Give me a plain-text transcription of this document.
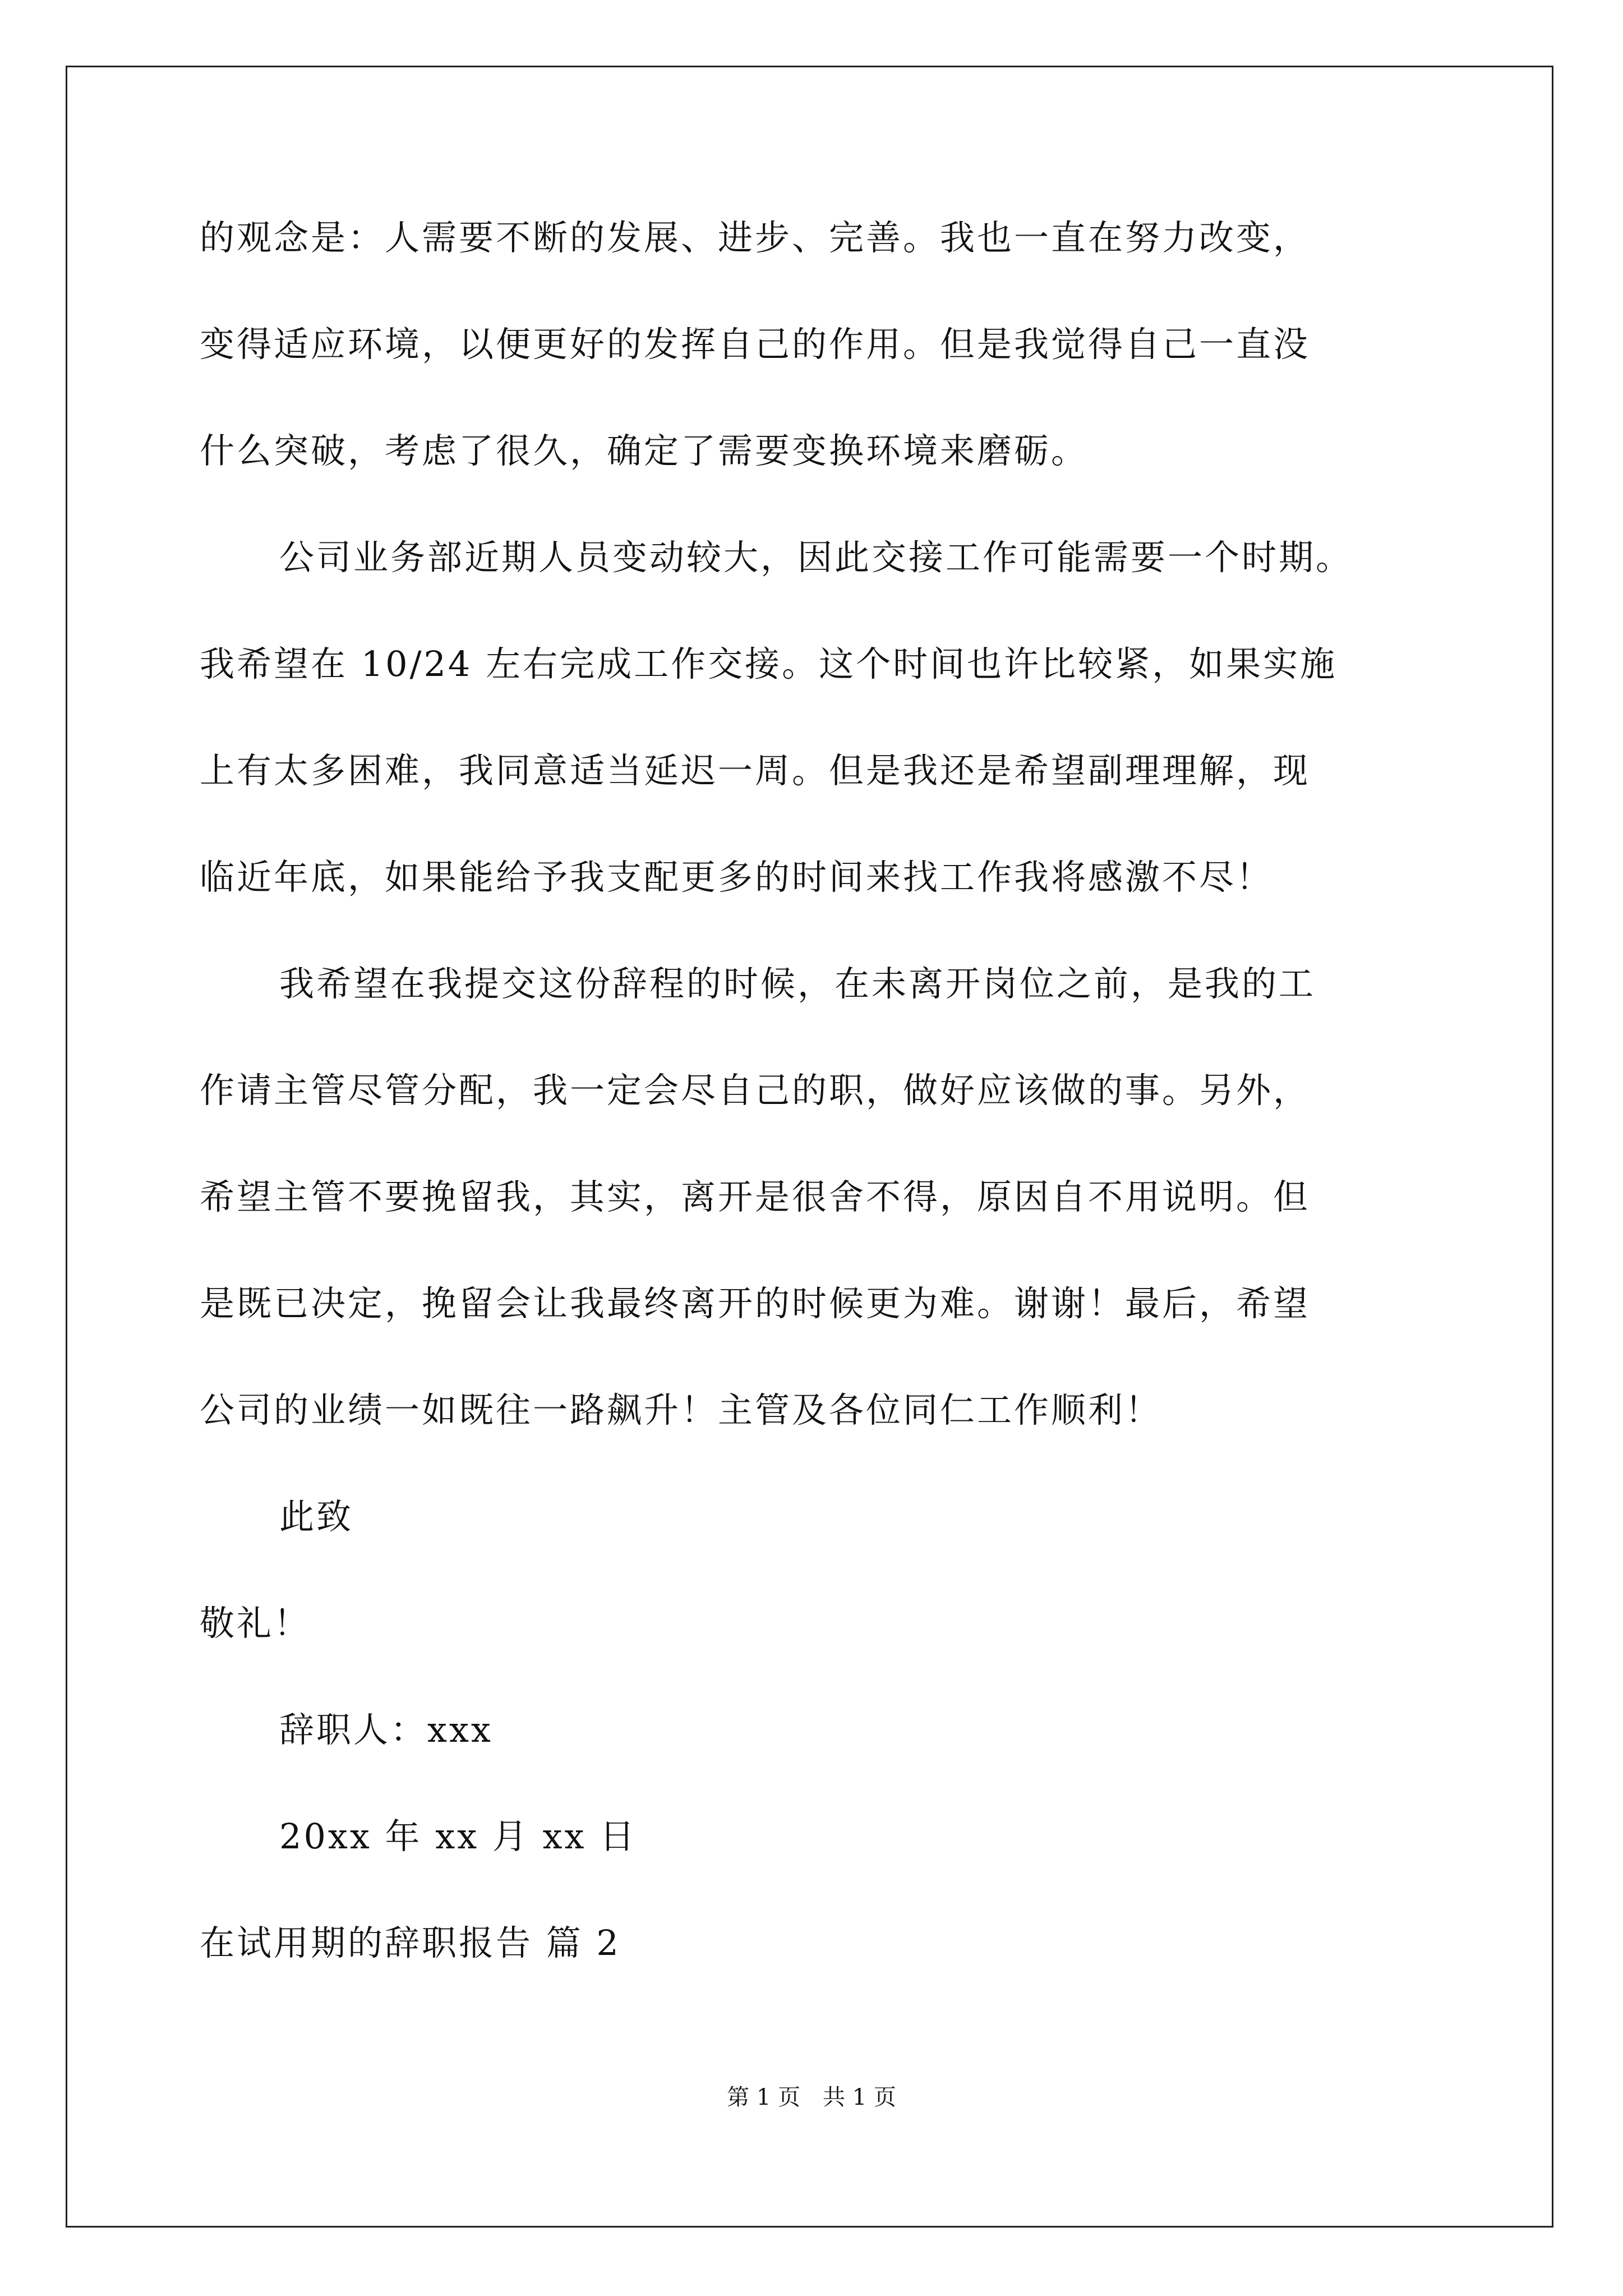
的观念是：人需要不断的发展、进步、完善。我也一直在努力改变，
变得适应环境，以便更好的发挥自己的作用。但是我觉得自己一直没
什么突破，考虑了很久，确定了需要变换环境来磨砺。
公司业务部近期人员变动较大，因此交接工作可能需要一个时期。
我希望在 10/24 左右完成工作交接。这个时间也许比较紧，如果实施
上有太多困难，我同意适当延迟一周。但是我还是希望副理理解，现
临近年底，如果能给予我支配更多的时间来找工作我将感激不尽！
我希望在我提交这份辞程的时候，在未离开岗位之前，是我的工
作请主管尽管分配，我一定会尽自己的职，做好应该做的事。另外，
希望主管不要挽留我，其实，离开是很舍不得，原因自不用说明。但
是既已决定，挽留会让我最终离开的时候更为难。谢谢！最后，希望
公司的业绩一如既往一路飙升！主管及各位同仁工作顺利！
此致
敬礼！
辞职人：xxx
20xx 年 xx 月 xx 日
在试用期的辞职报告 篇 2
第 1 页 共 1 页
